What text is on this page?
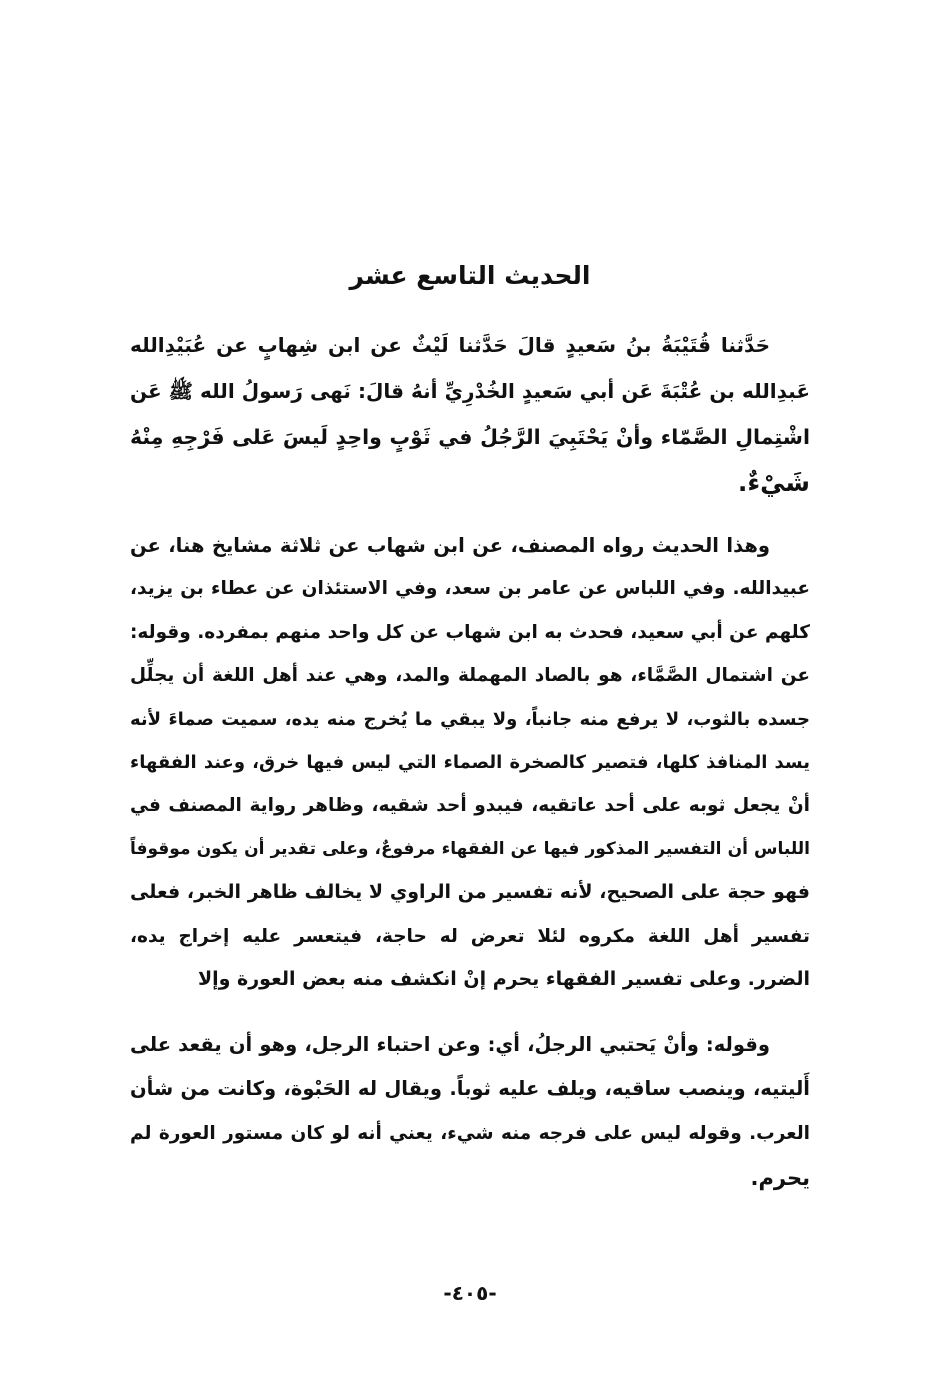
الحديث التاسع عشر
حَدَّثنا قُتَيْبَةُ بنُ سَعيدٍ قالَ حَدَّثنا لَيْثٌ عن ابن شِهابٍ عن عُبَيْدِالله
عَبدِالله بن عُتْبَةَ عَن أبي سَعيدٍ الخُدْرِيِّ أنهُ قالَ: نَهى رَسولُ الله ﷺ عَن
اشْتِمالِ الصَّمّاء وأنْ يَحْتَبِيَ الرَّجُلُ في ثَوْبٍ واحِدٍ لَيسَ عَلى فَرْجِهِ مِنْهُ
شَيْءٌ.
وهذا الحديث رواه المصنف، عن ابن شهاب عن ثلاثة مشايخ هنا، عن
عبيدالله. وفي اللباس عن عامر بن سعد، وفي الاستئذان عن عطاء بن يزيد،
كلهم عن أبي سعيد، فحدث به ابن شهاب عن كل واحد منهم بمفرده. وقوله:
عن اشتمال الصَّمَّاء، هو بالصاد المهملة والمد، وهي عند أهل اللغة أن يجلِّل
جسده بالثوب، لا يرفع منه جانباً، ولا يبقي ما يُخرج منه يده، سميت صماءَ لأنه
يسد المنافذ كلها، فتصير كالصخرة الصماء التي ليس فيها خرق، وعند الفقهاء
أنْ يجعل ثوبه على أحد عاتقيه، فيبدو أحد شقيه، وظاهر رواية المصنف في
اللباس أن التفسير المذكور فيها عن الفقهاء مرفوعٌ، وعلى تقدير أن يكون موقوفاً
فهو حجة على الصحيح، لأنه تفسير من الراوي لا يخالف ظاهر الخبر، فعلى
تفسير أهل اللغة مكروه لئلا تعرض له حاجة، فيتعسر عليه إخراج يده،
الضرر. وعلى تفسير الفقهاء يحرم إنْ انكشف منه بعض العورة وإلا
وقوله: وأنْ يَحتبي الرجلُ، أي: وعن احتباء الرجل، وهو أن يقعد على
أَليتيه، وينصب ساقيه، ويلف عليه ثوباً. ويقال له الحَبْوة، وكانت من شأن
العرب. وقوله ليس على فرجه منه شيء، يعني أنه لو كان مستور العورة لم
يحرم.
-٤٠٥-
